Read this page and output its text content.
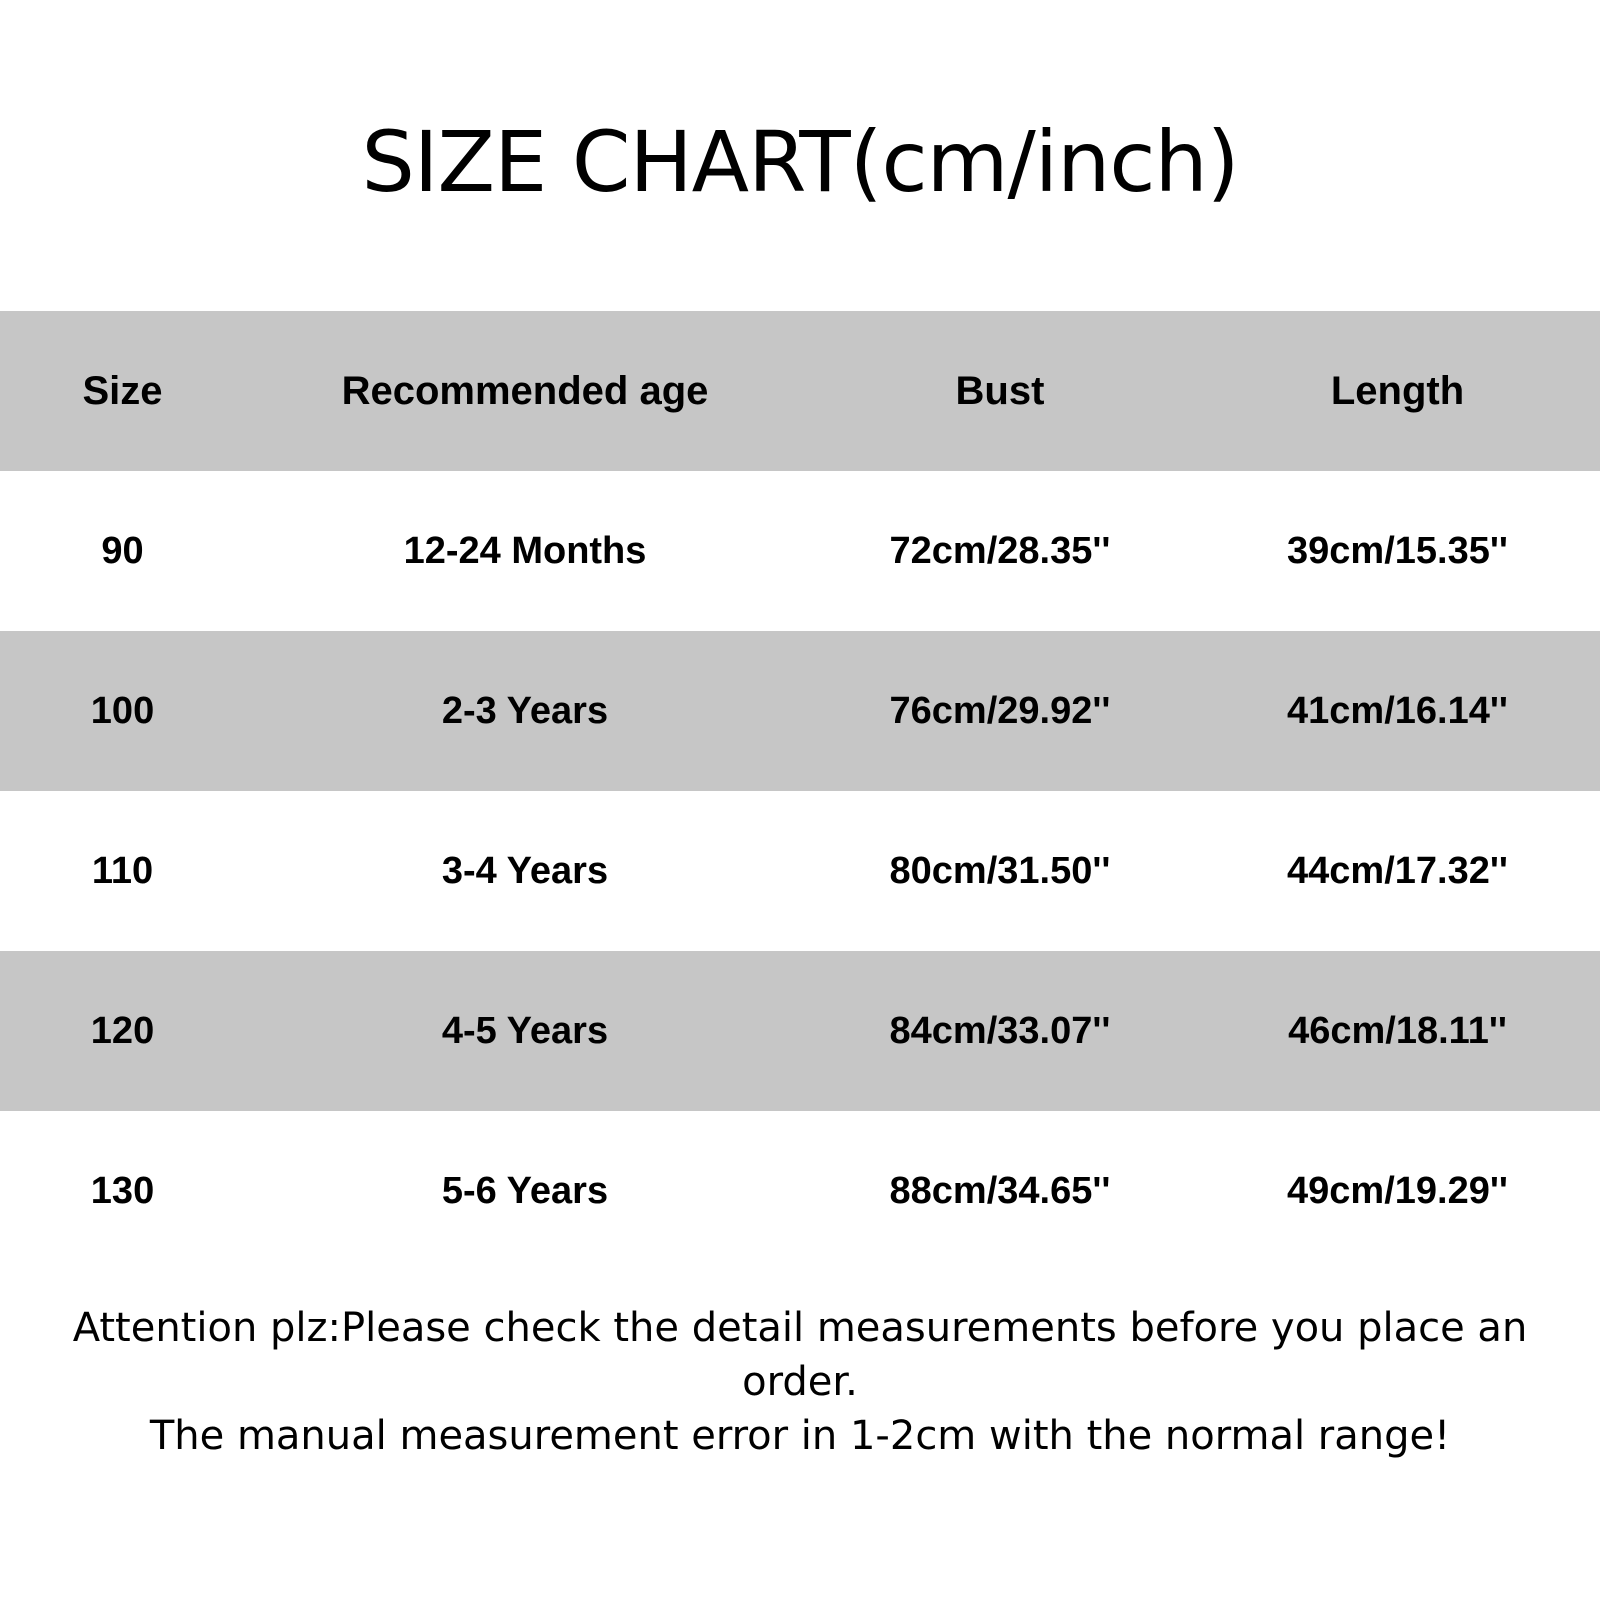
SIZE CHART(cm/inch)
Size	Recommended age	Bust	Length
90	12-24 Months	72cm/28.35''	39cm/15.35''
100	2-3 Years	76cm/29.92''	41cm/16.14''
110	3-4 Years	80cm/31.50''	44cm/17.32''
120	4-5 Years	84cm/33.07''	46cm/18.11''
130	5-6 Years	88cm/34.65''	49cm/19.29''
Attention plz:Please check the detail measurements before you place an order.
The manual measurement error in 1-2cm with the normal range!
